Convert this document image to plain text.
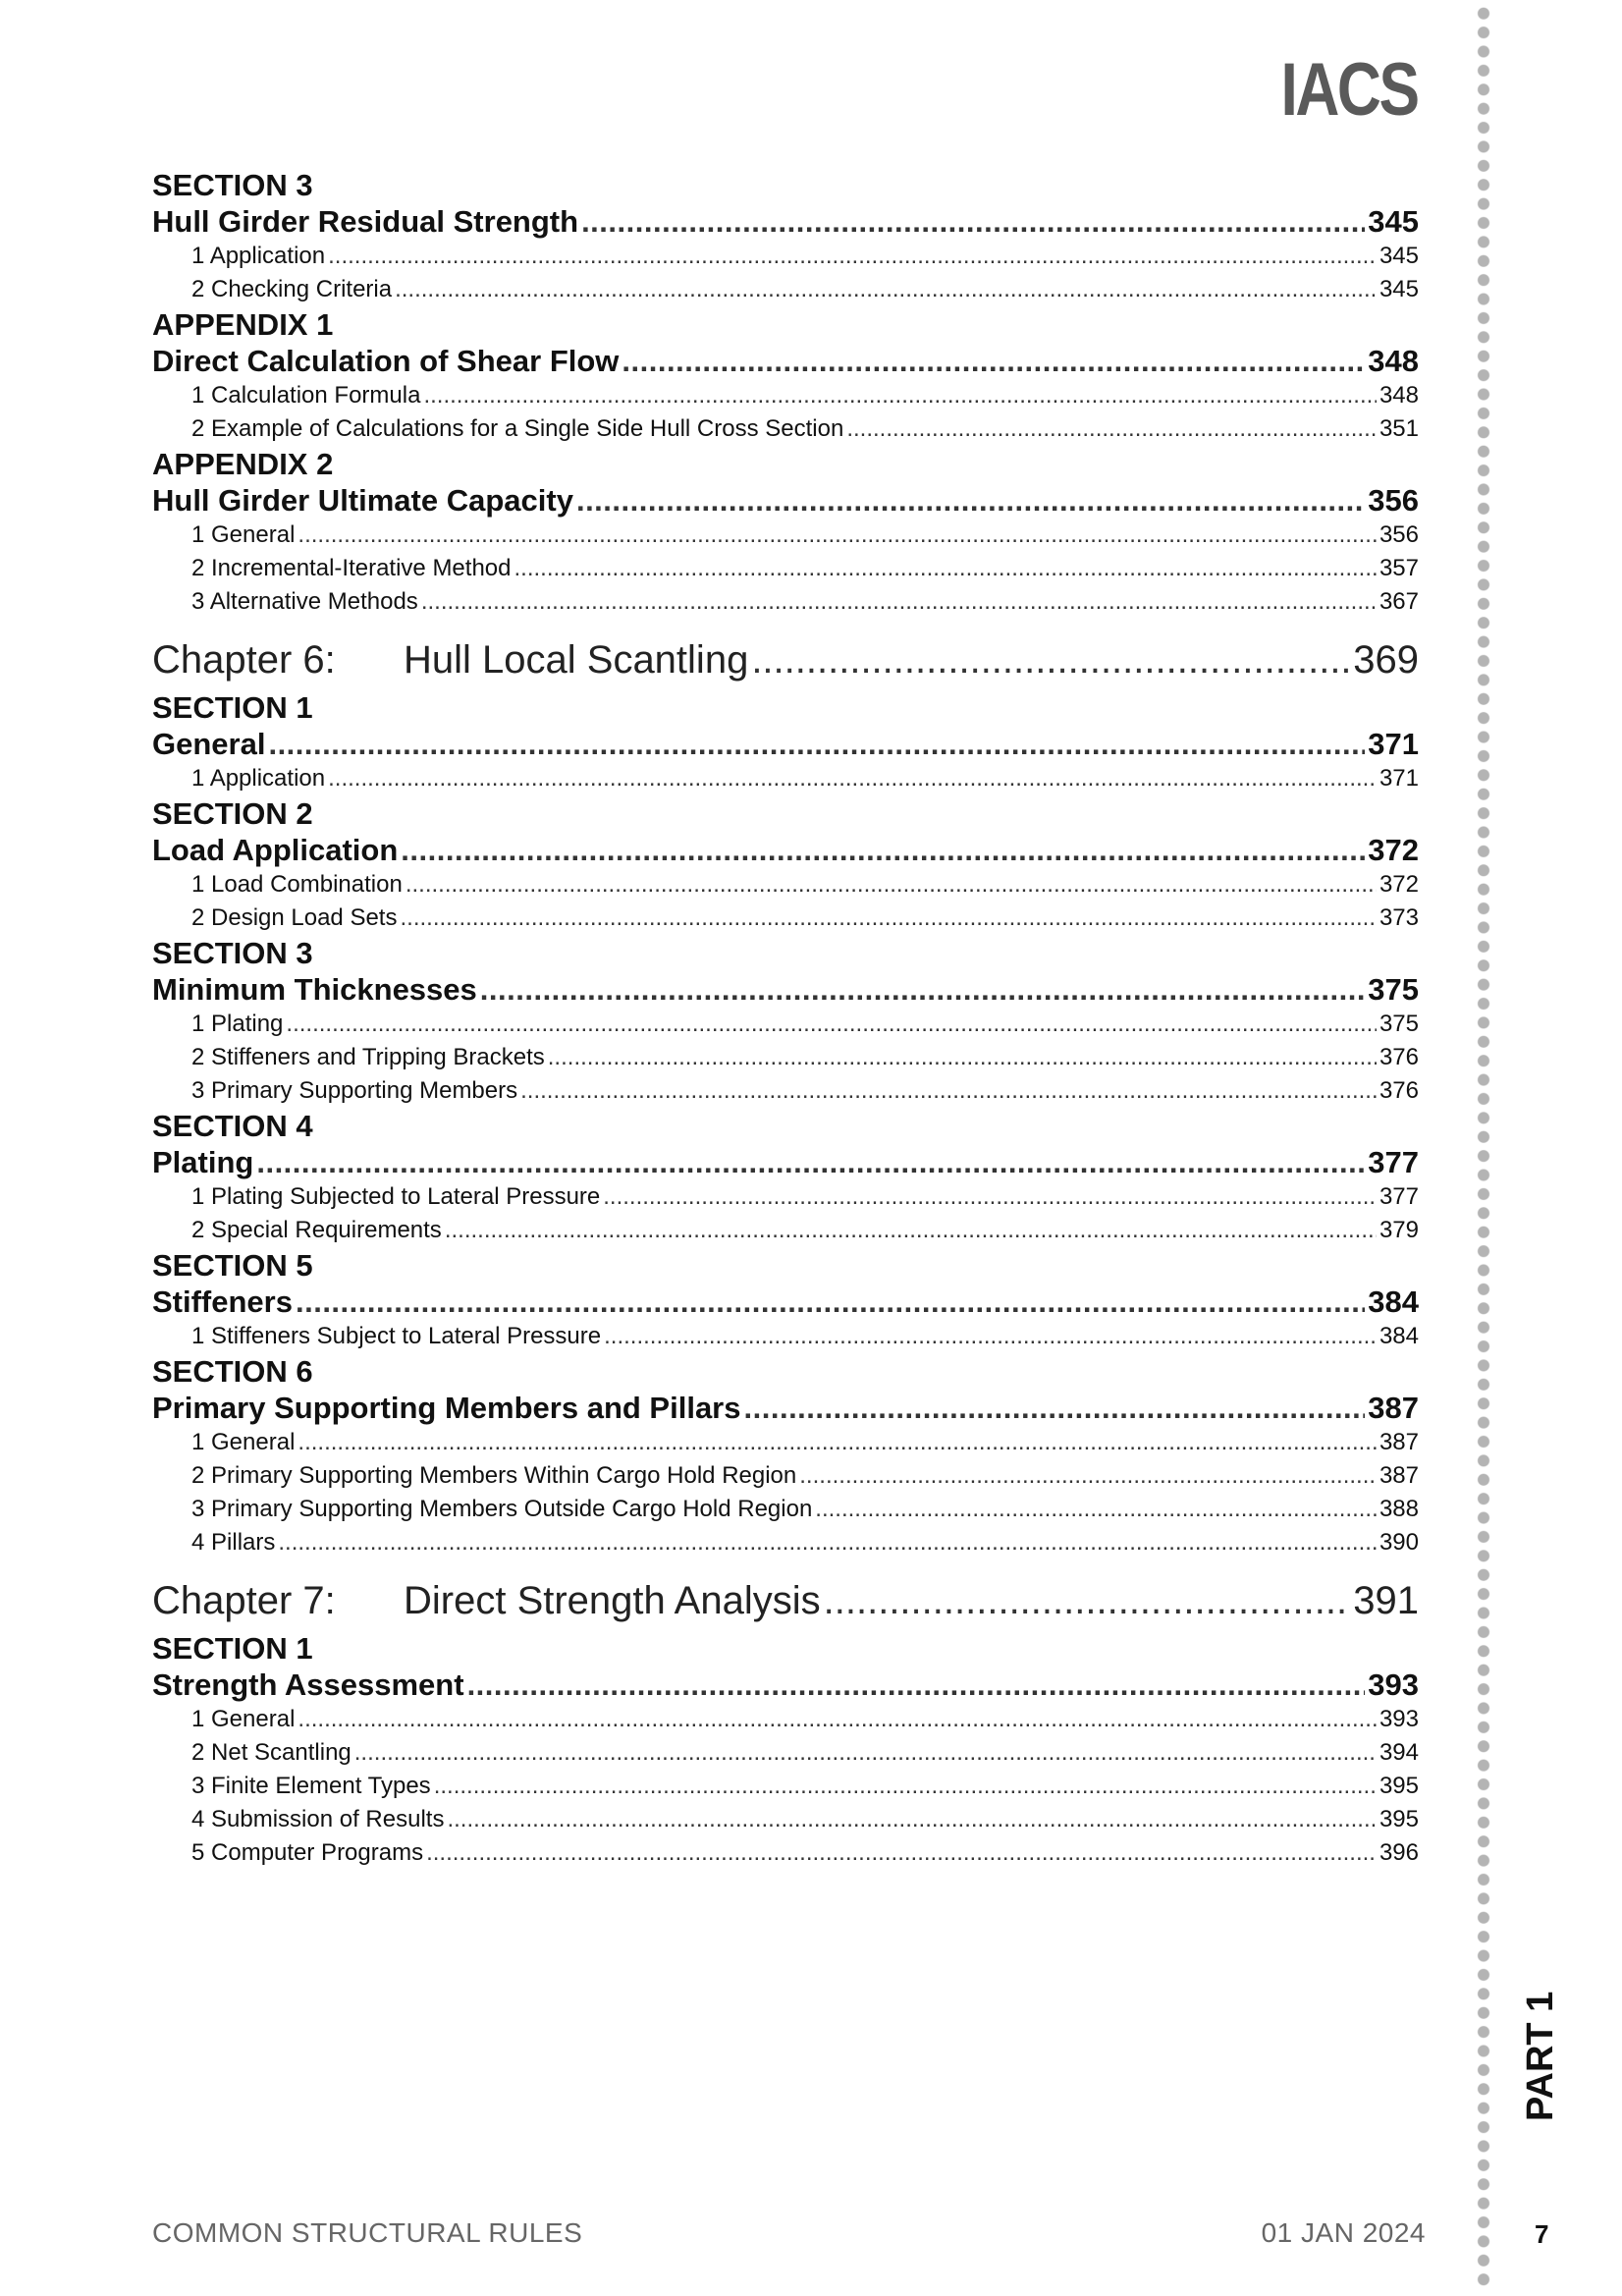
IACS
SECTION 3
Hull Girder Residual Strength .....	345
1 Application .....	345
2 Checking Criteria .....	345
APPENDIX 1
Direct Calculation of Shear Flow .....	348
1 Calculation Formula .....	348
2 Example of Calculations for a Single Side Hull Cross Section .....	351
APPENDIX 2
Hull Girder Ultimate Capacity .....	356
1 General .....	356
2 Incremental-Iterative Method .....	357
3 Alternative Methods .....	367
Chapter 6: Hull Local Scantling .....	369
SECTION 1
General .....	371
1 Application .....	371
SECTION 2
Load Application .....	372
1 Load Combination .....	372
2 Design Load Sets .....	373
SECTION 3
Minimum Thicknesses .....	375
1 Plating .....	375
2 Stiffeners and Tripping Brackets .....	376
3 Primary Supporting Members .....	376
SECTION 4
Plating .....	377
1 Plating Subjected to Lateral Pressure .....	377
2 Special Requirements .....	379
SECTION 5
Stiffeners .....	384
1 Stiffeners Subject to Lateral Pressure .....	384
SECTION 6
Primary Supporting Members and Pillars .....	387
1 General .....	387
2 Primary Supporting Members Within Cargo Hold Region .....	387
3 Primary Supporting Members Outside Cargo Hold Region .....	388
4 Pillars .....	390
Chapter 7: Direct Strength Analysis .....	391
SECTION 1
Strength Assessment .....	393
1 General .....	393
2 Net Scantling .....	394
3 Finite Element Types .....	395
4 Submission of Results .....	395
5 Computer Programs .....	396
PART 1
COMMON STRUCTURAL RULES	01 JAN 2024	7
